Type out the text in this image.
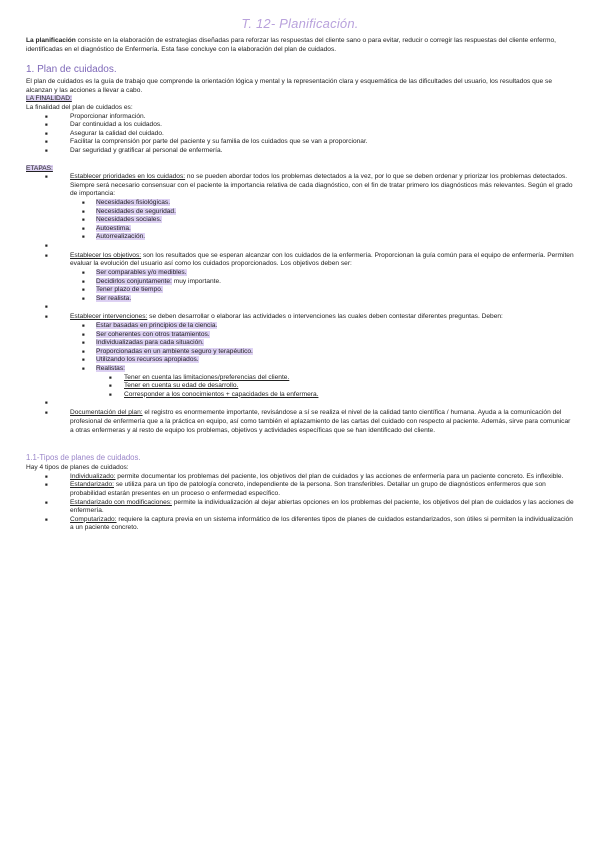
T. 12- Planificación.

La planificación consiste en la elaboración de estrategias diseñadas para reforzar las respuestas del cliente sano o para evitar, reducir o corregir las respuestas del cliente enfermo, identificadas en el diagnóstico de Enfermería. Esta fase concluye con la elaboración del plan de cuidados.

1. Plan de cuidados.

El plan de cuidados es la guía de trabajo que comprende la orientación lógica y mental y la representación clara y esquemática de las dificultades del usuario, los resultados que se alcanzan y las acciones a llevar a cabo.

LA FINALIDAD:

La finalidad del plan de cuidados es:

■ Proporcionar información.
■ Dar continuidad a los cuidados.
■ Asegurar la calidad del cuidado.
■ Facilitar la comprensión por parte del paciente y su familia de los cuidados que se van a proporcionar.
■ Dar seguridad y gratificar al personal de enfermería.

ETAPAS:

■ Establecer prioridades en los cuidados: no se pueden abordar todos los problemas detectados a la vez, por lo que se deben ordenar y priorizar los problemas detectados. Siempre será necesario consensuar con el paciente la importancia relativa de cada diagnóstico, con el fin de tratar primero los diagnósticos más relevantes. Según el grado de importancia:
■ Necesidades fisiológicas.
■ Necesidades de seguridad.
■ Necesidades sociales.
■ Autoestima.
■ Autorrealización.
■
■ Establecer los objetivos: son los resultados que se esperan alcanzar con los cuidados de la enfermería. Proporcionan la guía común para el equipo de enfermería. Permiten evaluar la evolución del usuario así como los cuidados proporcionados. Los objetivos deben ser:
■ Ser comparables y/o medibles.
■ Decidirlos conjuntamente: muy importante.
■ Tener plazo de tiempo.
■ Ser realista.
■
■ Establecer intervenciones: se deben desarrollar o elaborar las actividades o intervenciones las cuales deben contestar diferentes preguntas. Deben:
■ Estar basadas en principios de la ciencia.
■ Ser coherentes con otros tratamientos.
■ Individualizadas para cada situación.
■ Proporcionadas en un ambiente seguro y terapéutico.
■ Utilizando los recursos apropiados.
■ Realistas:
■ Tener en cuenta las limitaciones/preferencias del cliente.
■ Tener en cuenta su edad de desarrollo.
■ Corresponder a los conocimientos + capacidades de la enfermera.
■
■ Documentación del plan: el registro es enormemente importante, revisándose a sí se realiza el nivel de la calidad tanto científica / humana. Ayuda a la comunicación del profesional de enfermería que a la práctica en equipo, así como también el aplazamiento de las cartas del cuidado con respecto al paciente. Además, sirve para comunicar a otras enfermeras y al resto de equipo los problemas, objetivos y actividades específicas que se han identificado del cliente.
1.1-Tipos de planes de cuidados.

Hay 4 tipos de planes de cuidados:

■ Individualizado: permite documentar los problemas del paciente, los objetivos del plan de cuidados y las acciones de enfermería para un paciente concreto. Es inflexible.
■ Estandarizado: se utiliza para un tipo de patología concreto, independiente de la persona. Son transferibles. Detallar un grupo de diagnósticos enfermeros que son probabilidad estarán presentes en un proceso o enfermedad específico.
■ Estandarizado con modificaciones: permite la individualización al dejar abiertas opciones en los problemas del paciente, los objetivos del plan de cuidados y las acciones de enfermería.
■ Computarizado: requiere la captura previa en un sistema informático de los diferentes tipos de planes de cuidados estandarizados, son útiles si permiten la individualización a un paciente concreto.
